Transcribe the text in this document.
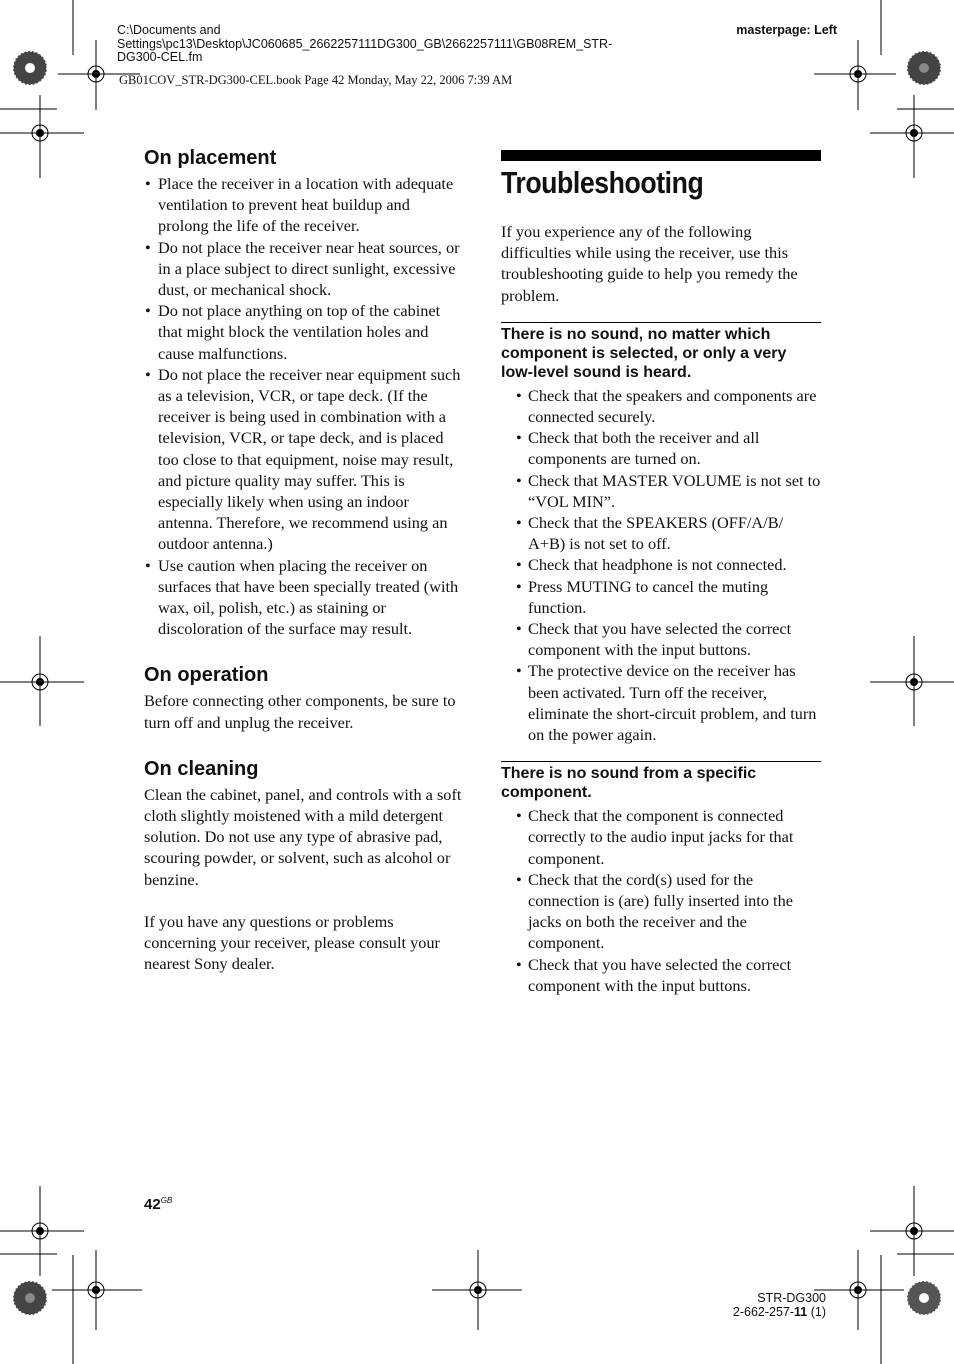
C:\Documents and
Settings\pc13\Desktop\JC060685_2662257111DG300_GB\2662257111\GB08REM_STR-
DG300-CEL.fm
masterpage: Left
GB01COV_STR-DG300-CEL.book Page 42 Monday, May 22, 2006 7:39 AM
On placement
• Place the receiver in a location with adequate ventilation to prevent heat buildup and prolong the life of the receiver.
• Do not place the receiver near heat sources, or in a place subject to direct sunlight, excessive dust, or mechanical shock.
• Do not place anything on top of the cabinet that might block the ventilation holes and cause malfunctions.
• Do not place the receiver near equipment such as a television, VCR, or tape deck. (If the receiver is being used in combination with a television, VCR, or tape deck, and is placed too close to that equipment, noise may result, and picture quality may suffer. This is especially likely when using an indoor antenna. Therefore, we recommend using an outdoor antenna.)
• Use caution when placing the receiver on surfaces that have been specially treated (with wax, oil, polish, etc.) as staining or discoloration of the surface may result.
On operation
Before connecting other components, be sure to turn off and unplug the receiver.
On cleaning
Clean the cabinet, panel, and controls with a soft cloth slightly moistened with a mild detergent solution. Do not use any type of abrasive pad, scouring powder, or solvent, such as alcohol or benzine.
If you have any questions or problems concerning your receiver, please consult your nearest Sony dealer.
Troubleshooting
If you experience any of the following difficulties while using the receiver, use this troubleshooting guide to help you remedy the problem.
There is no sound, no matter which component is selected, or only a very low-level sound is heard.
• Check that the speakers and components are connected securely.
• Check that both the receiver and all components are turned on.
• Check that MASTER VOLUME is not set to “VOL MIN”.
• Check that the SPEAKERS (OFF/A/B/ A+B) is not set to off.
• Check that headphone is not connected.
• Press MUTING to cancel the muting function.
• Check that you have selected the correct component with the input buttons.
• The protective device on the receiver has been activated. Turn off the receiver, eliminate the short-circuit problem, and turn on the power again.
There is no sound from a specific component.
• Check that the component is connected correctly to the audio input jacks for that component.
• Check that the cord(s) used for the connection is (are) fully inserted into the jacks on both the receiver and the component.
• Check that you have selected the correct component with the input buttons.
$42^{GB}$
STR-DG300
2-662-257-11 (1)
